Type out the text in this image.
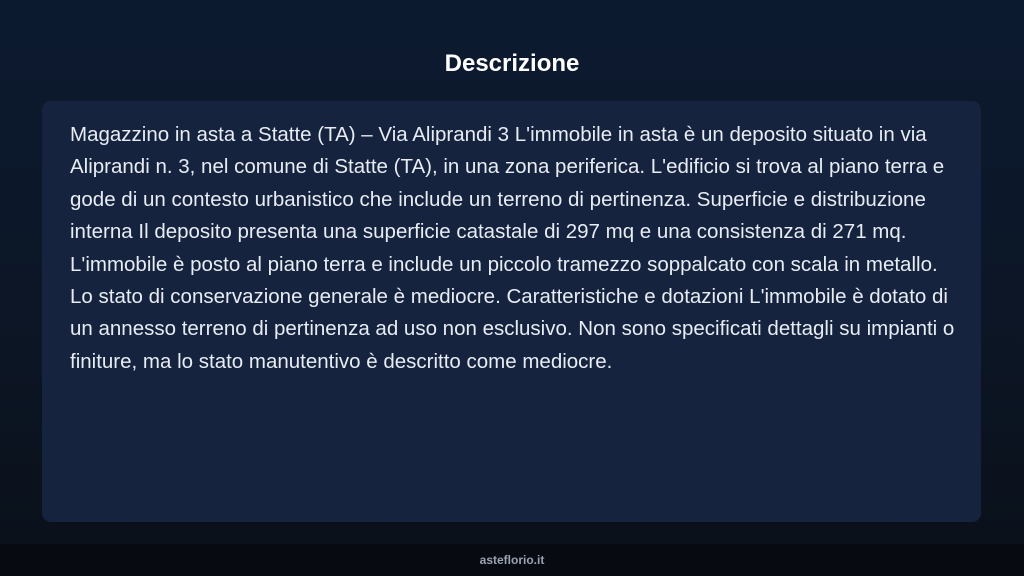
Descrizione

Magazzino in asta a Statte (TA) – Via Aliprandi 3 L'immobile in asta è un deposito situato in via Aliprandi n. 3, nel comune di Statte (TA), in una zona periferica. L'edificio si trova al piano terra e gode di un contesto urbanistico che include un terreno di pertinenza. Superficie e distribuzione interna Il deposito presenta una superficie catastale di 297 mq e una consistenza di 271 mq. L'immobile è posto al piano terra e include un piccolo tramezzo soppalcato con scala in metallo. Lo stato di conservazione generale è mediocre. Caratteristiche e dotazioni L'immobile è dotato di un annesso terreno di pertinenza ad uso non esclusivo. Non sono specificati dettagli su impianti o finiture, ma lo stato manutentivo è descritto come mediocre.

asteflorio.it
